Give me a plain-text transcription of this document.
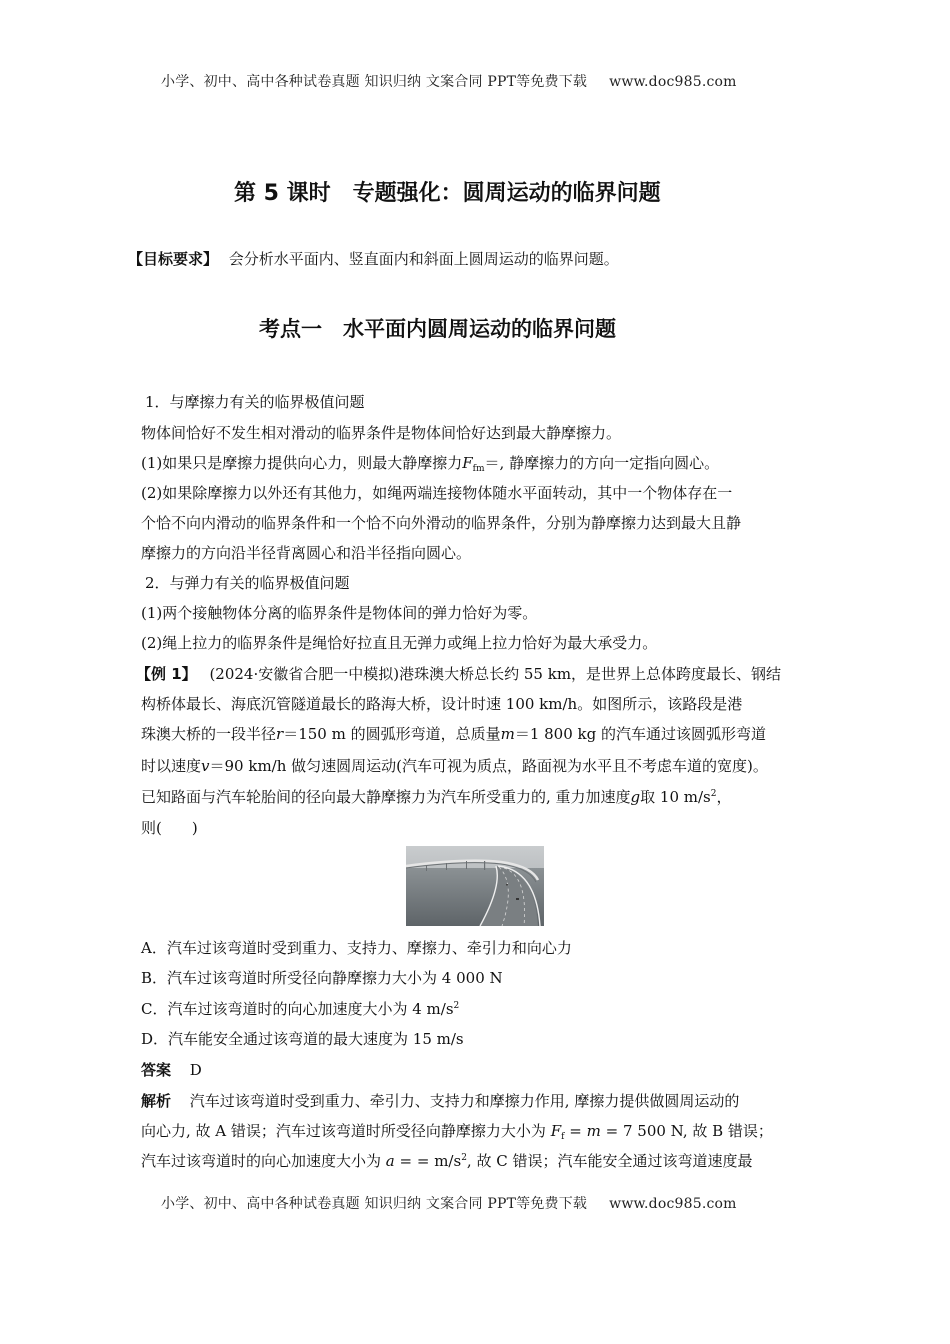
小学、初中、高中各种试卷真题 知识归纳 文案合同 PPT等免费下载 www.doc985.com
第 5 课时　专题强化：圆周运动的临界问题
【目标要求】 会分析水平面内、竖直面内和斜面上圆周运动的临界问题。
考点一　水平面内圆周运动的临界问题
1．与摩擦力有关的临界极值问题
物体间恰好不发生相对滑动的临界条件是物体间恰好达到最大静摩擦力。
(1)如果只是摩擦力提供向心力，则最大静摩擦力$F_{fm}=$, 静摩擦力的方向一定指向圆心。
(2)如果除摩擦力以外还有其他力，如绳两端连接物体随水平面转动，其中一个物体存在一
个恰不向内滑动的临界条件和一个恰不向外滑动的临界条件，分别为静摩擦力达到最大且静
摩擦力的方向沿半径背离圆心和沿半径指向圆心。
2．与弹力有关的临界极值问题
(1)两个接触物体分离的临界条件是物体间的弹力恰好为零。
(2)绳上拉力的临界条件是绳恰好拉直且无弹力或绳上拉力恰好为最大承受力。
【例 1】 (2024·安徽省合肥一中模拟)港珠澳大桥总长约 55 km，是世界上总体跨度最长、钢结
构桥体最长、海底沉管隧道最长的路海大桥，设计时速 100 km/h。如图所示，该路段是港
珠澳大桥的一段半径r＝150 m 的圆弧形弯道，总质量m＝1 800 kg 的汽车通过该圆弧形弯道
时以速度v＝90 km/h 做匀速圆周运动(汽车可视为质点，路面视为水平且不考虑车道的宽度)。
已知路面与汽车轮胎间的径向最大静摩擦力为汽车所受重力的, 重力加速度g取 10 $m/s^2$，
则(　　)
A．汽车过该弯道时受到重力、支持力、摩擦力、牵引力和向心力
B．汽车过该弯道时所受径向静摩擦力大小为 4 000 N
C．汽车过该弯道时的向心加速度大小为 4 $m/s^2$
D．汽车能安全通过该弯道的最大速度为 15 m/s
答案 D
解析 汽车过该弯道时受到重力、牵引力、支持力和摩擦力作用, 摩擦力提供做圆周运动的
向心力, 故 A 错误；汽车过该弯道时所受径向静摩擦力大小为 $F_f = m = 7$ 500 N, 故 B 错误；
汽车过该弯道时的向心加速度大小为 a = = $m/s^2$, 故 C 错误；汽车能安全通过该弯道速度最
小学、初中、高中各种试卷真题 知识归纳 文案合同 PPT等免费下载 www.doc985.com
